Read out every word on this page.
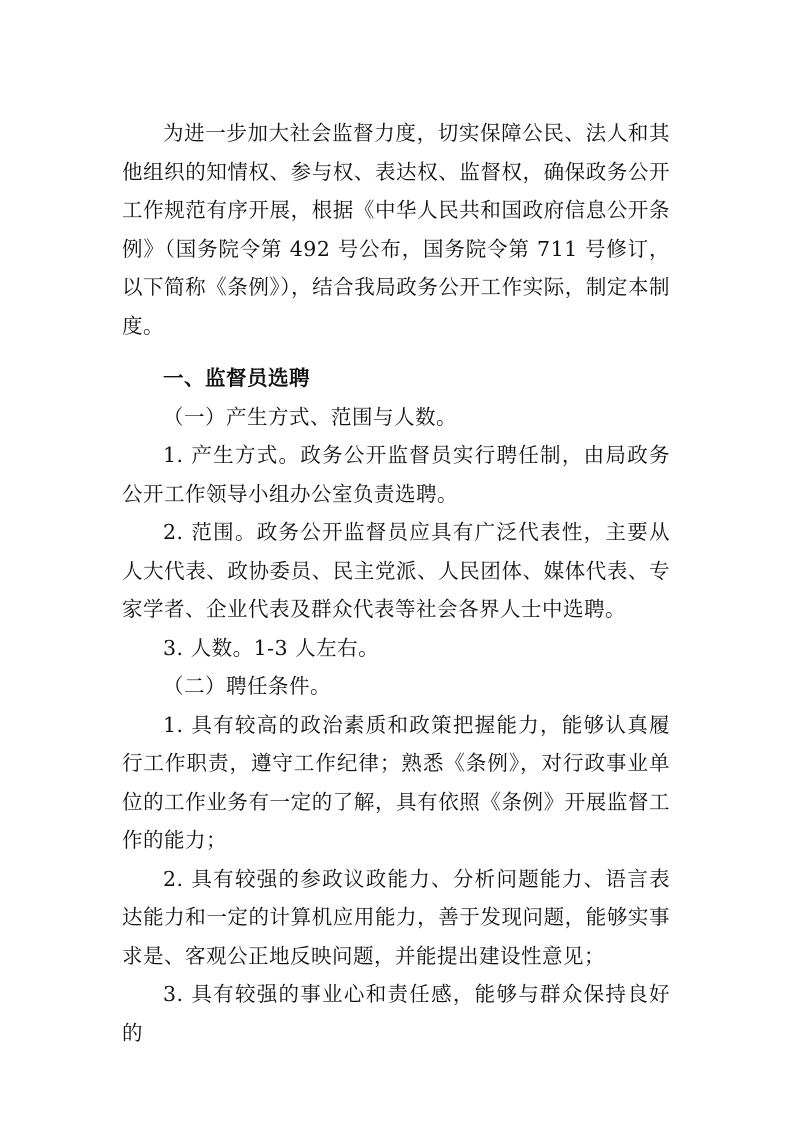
为进一步加大社会监督力度，切实保障公民、法人和其他组织的知情权、参与权、表达权、监督权，确保政务公开工作规范有序开展，根据《中华人民共和国政府信息公开条例》（国务院令第 492 号公布，国务院令第 711 号修订，以下简称《条例》），结合我局政务公开工作实际，制定本制度。

一、监督员选聘

（一）产生方式、范围与人数。

1. 产生方式。政务公开监督员实行聘任制，由局政务公开工作领导小组办公室负责选聘。

2. 范围。政务公开监督员应具有广泛代表性，主要从人大代表、政协委员、民主党派、人民团体、媒体代表、专家学者、企业代表及群众代表等社会各界人士中选聘。

3. 人数。1-3 人左右。

（二）聘任条件。

1. 具有较高的政治素质和政策把握能力，能够认真履行工作职责，遵守工作纪律；熟悉《条例》，对行政事业单位的工作业务有一定的了解，具有依照《条例》开展监督工作的能力；

2. 具有较强的参政议政能力、分析问题能力、语言表达能力和一定的计算机应用能力，善于发现问题，能够实事求是、客观公正地反映问题，并能提出建设性意见；

3. 具有较强的事业心和责任感，能够与群众保持良好的
